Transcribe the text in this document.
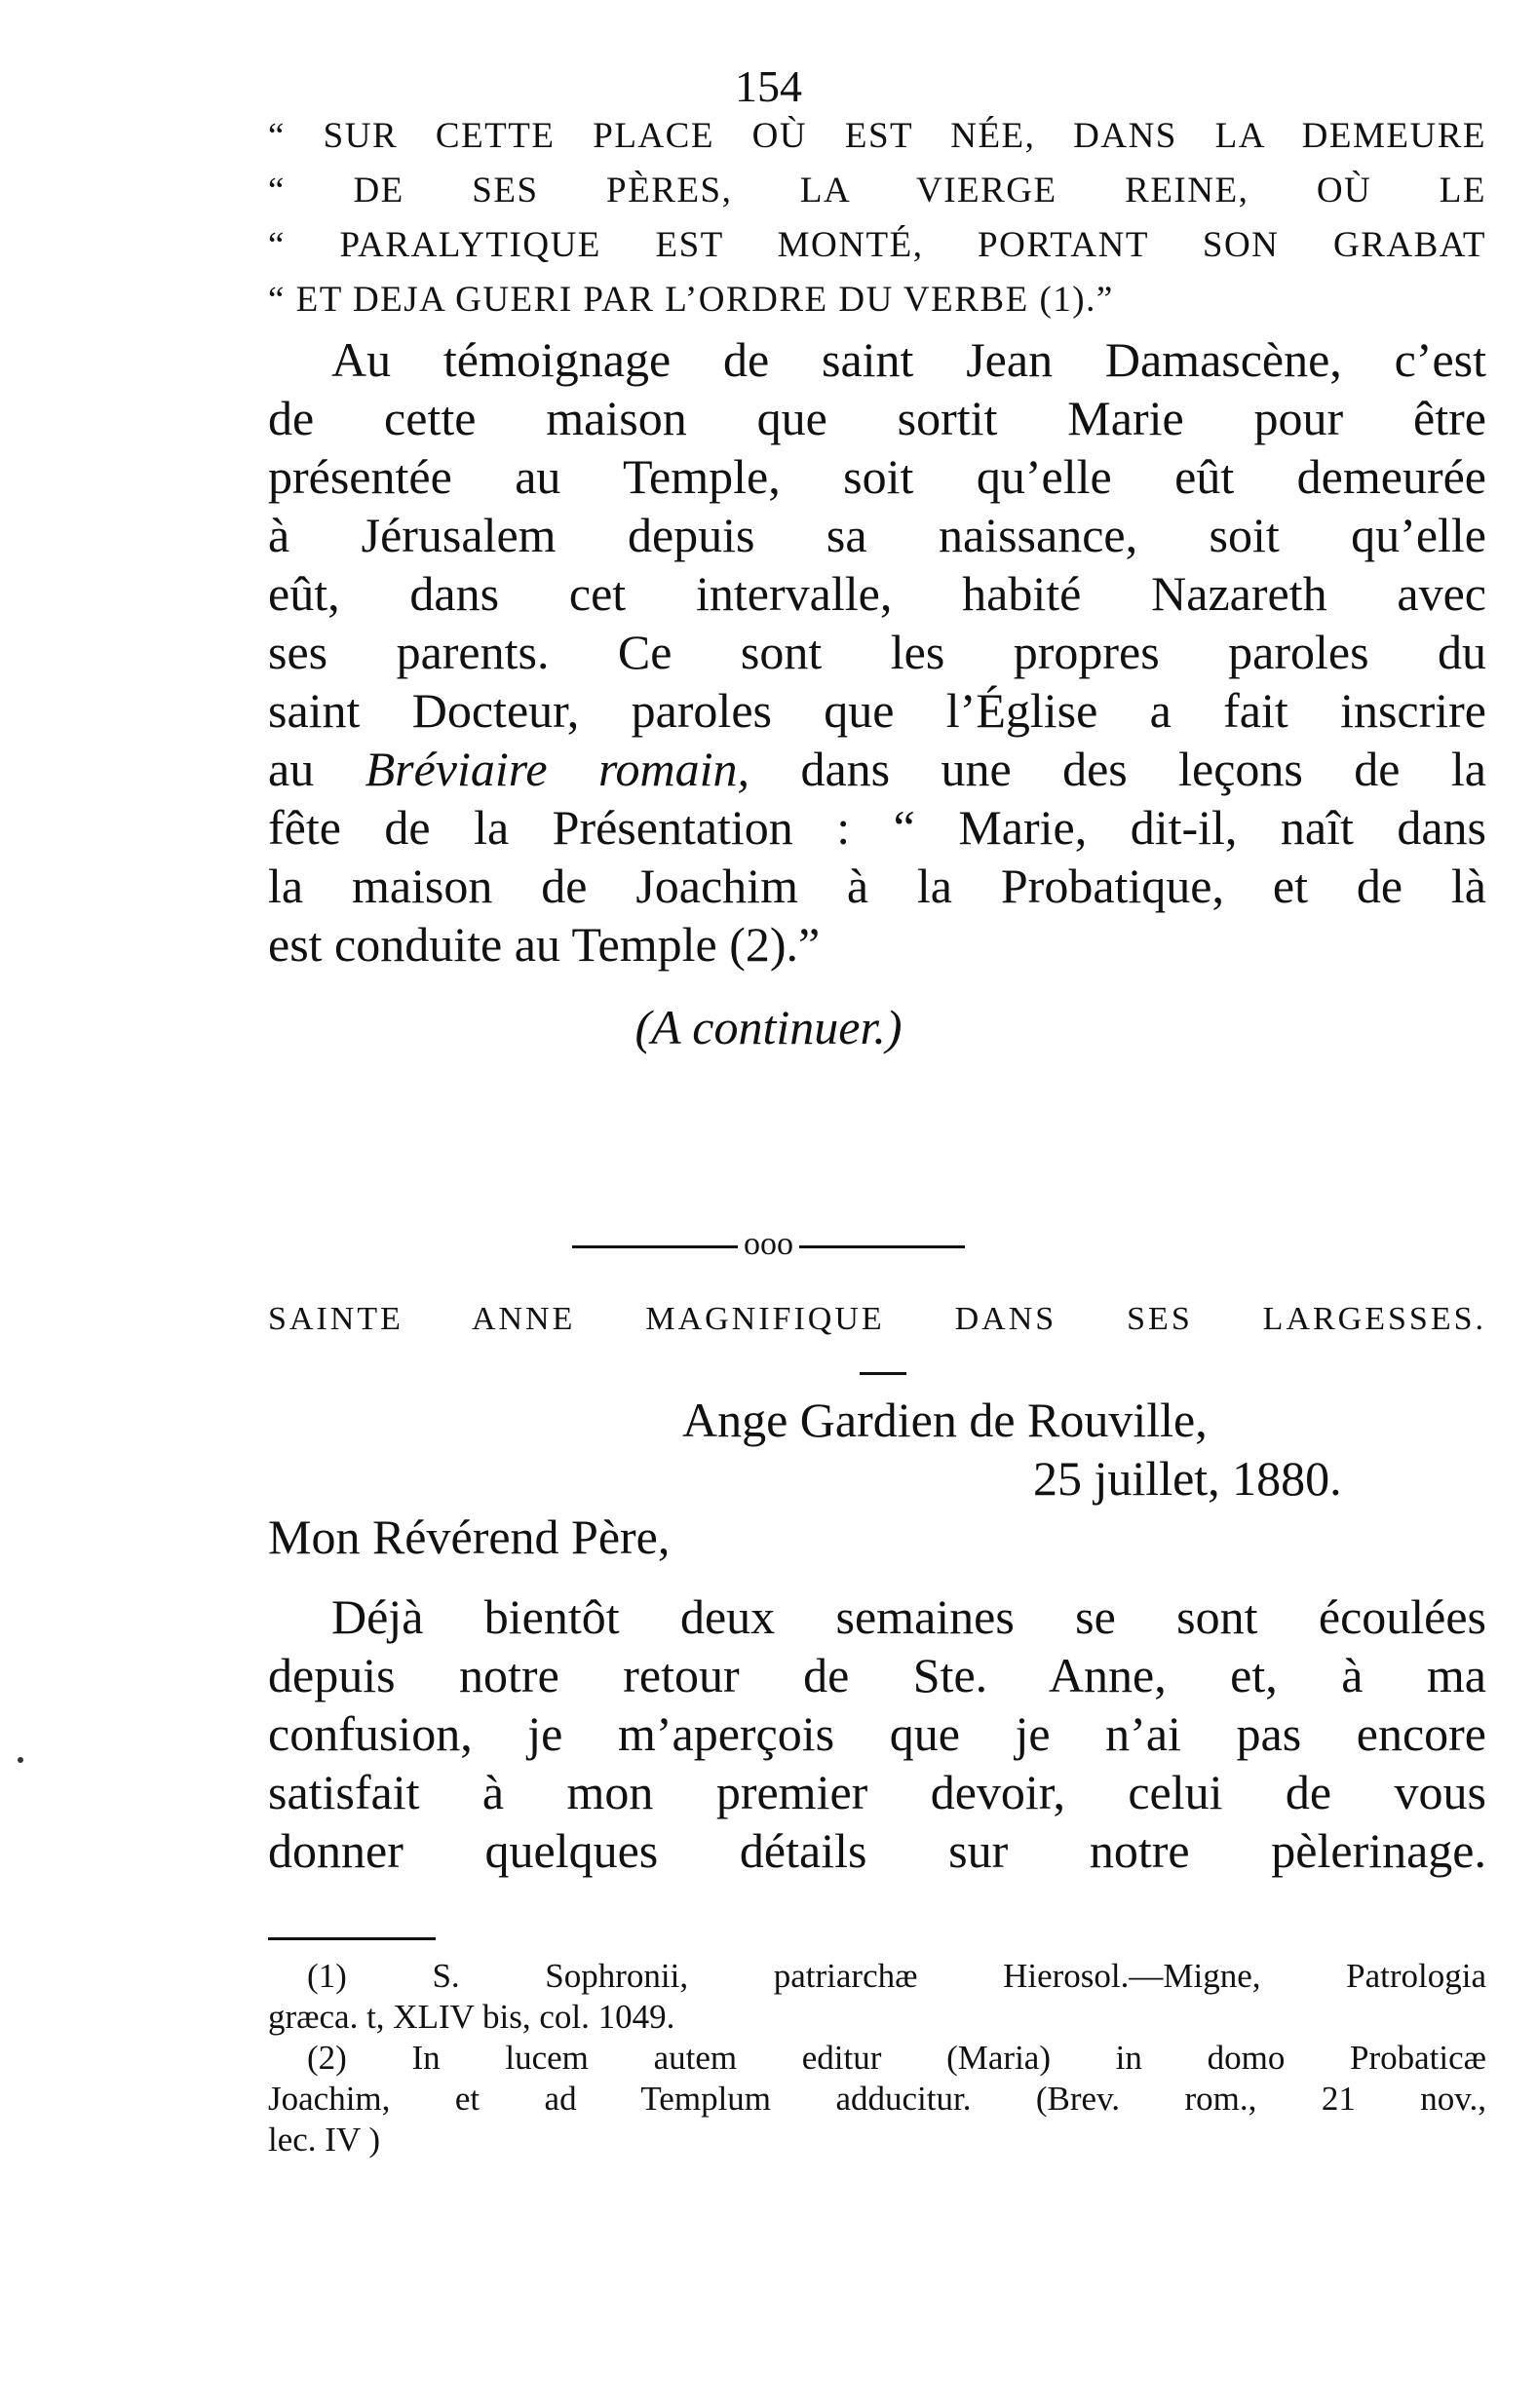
154
“ SUR CETTE PLACE OÙ EST NÉE, DANS LA DEMEURE
“ DE SES PÈRES, LA VIERGE REINE, OÙ LE
“ PARALYTIQUE EST MONTÉ, PORTANT SON GRABAT
“ ET DEJA GUERI PAR L’ORDRE DU VERBE (1).”
Au témoignage de saint Jean Damascène, c’est
de cette maison que sortit Marie pour être
présentée au Temple, soit qu’elle eût demeurée
à Jérusalem depuis sa naissance, soit qu’elle
eût, dans cet intervalle, habité Nazareth avec
ses parents. Ce sont les propres paroles du
saint Docteur, paroles que l’Église a fait inscrire
au Bréviaire romain, dans une des leçons de la
fête de la Présentation : “ Marie, dit-il, naît dans
la maison de Joachim à la Probatique, et de là
est conduite au Temple (2).”
(A continuer.)
ooo
SAINTE ANNE MAGNIFIQUE DANS SES LARGESSES.
Ange Gardien de Rouville,
25 juillet, 1880.
Mon Révérend Père,
Déjà bientôt deux semaines se sont écoulées
depuis notre retour de Ste. Anne, et, à ma
confusion, je m’aperçois que je n’ai pas encore
satisfait à mon premier devoir, celui de vous
donner quelques détails sur notre pèlerinage.
(1) S. Sophronii, patriarchæ Hierosol.—Migne, Patrologia
græca. t, XLIV bis, col. 1049.
(2) In lucem autem editur (Maria) in domo Probaticæ
Joachim, et ad Templum adducitur. (Brev. rom., 21 nov.,
lec. IV )
